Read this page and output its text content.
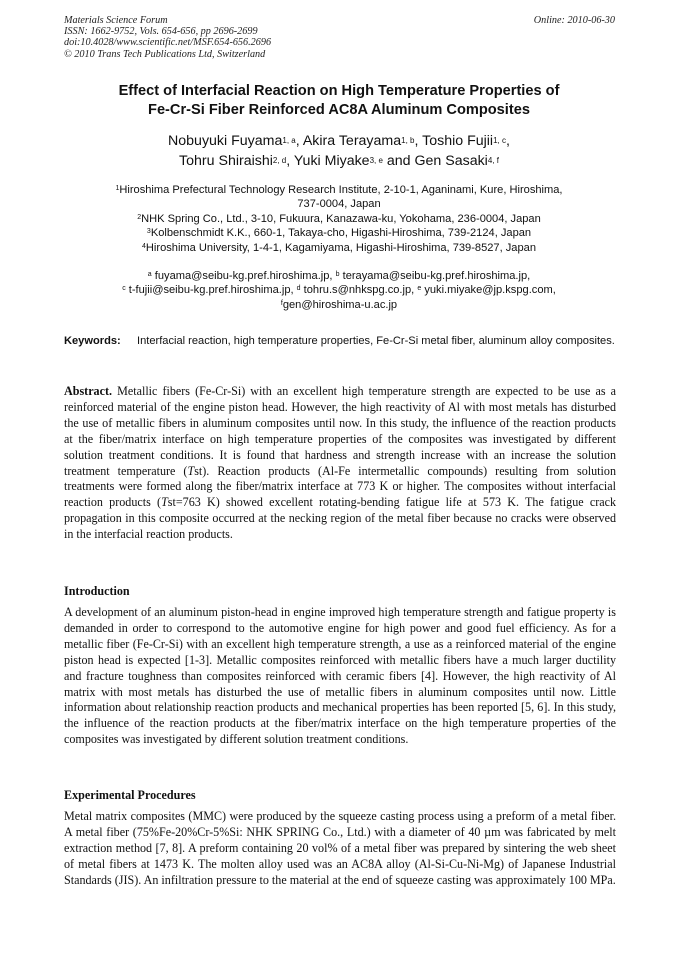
Materials Science Forum
ISSN: 1662-9752, Vols. 654-656, pp 2696-2699
doi:10.4028/www.scientific.net/MSF.654-656.2696
© 2010 Trans Tech Publications Ltd, Switzerland
Online: 2010-06-30
Effect of Interfacial Reaction on High Temperature Properties of
Fe-Cr-Si Fiber Reinforced AC8A Aluminum Composites
Nobuyuki Fuyama$^{1, a}$, Akira Terayama$^{1, b}$, Toshio Fujii$^{1, c}$,
Tohru Shiraishi$^{2, d}$, Yuki Miyake$^{3, e}$ and Gen Sasaki$^{4, f}$
$^1$Hiroshima Prefectural Technology Research Institute, 2-10-1, Aganinami, Kure, Hiroshima,
737-0004, Japan
$^2$NHK Spring Co., Ltd., 3-10, Fukuura, Kanazawa-ku, Yokohama, 236-0004, Japan
$^3$Kolbenschmidt K.K., 660-1, Takaya-cho, Higashi-Hiroshima, 739-2124, Japan
$^4$Hiroshima University, 1-4-1, Kagamiyama, Higashi-Hiroshima, 739-8527, Japan
$^a$ fuyama@seibu-kg.pref.hiroshima.jp, $^b$ terayama@seibu-kg.pref.hiroshima.jp,
$^c$ t-fujii@seibu-kg.pref.hiroshima.jp, $^d$ tohru.s@nhkspg.co.jp, $^e$ yuki.miyake@jp.kspg.com,
$^f$gen@hiroshima-u.ac.jp
Keywords: Interfacial reaction, high temperature properties, Fe-Cr-Si metal fiber, aluminum alloy composites.
Abstract. Metallic fibers (Fe-Cr-Si) with an excellent high temperature strength are expected to be use as a reinforced material of the engine piston head. However, the high reactivity of Al with most metals has disturbed the use of metallic fibers in aluminum composites until now. In this study, the influence of the reaction products at the fiber/matrix interface on high temperature properties of the composites was investigated by different solution treatment conditions. It is found that hardness and strength increase with an increase the solution treatment temperature (Tst). Reaction products (Al-Fe intermetallic compounds) resulting from solution treatments were formed along the fiber/matrix interface at 773 K or higher. The composites without interfacial reaction products (Tst=763 K) showed excellent rotating-bending fatigue life at 573 K. The fatigue crack propagation in this composite occurred at the necking region of the metal fiber because no cracks were observed in the interfacial reaction products.
Introduction
A development of an aluminum piston-head in engine improved high temperature strength and fatigue property is demanded in order to correspond to the automotive engine for high power and good fuel efficiency. As for a metallic fiber (Fe-Cr-Si) with an excellent high temperature strength, a use as a reinforced material of the engine piston head is expected [1-3]. Metallic composites reinforced with metallic fibers have a much larger ductility and fracture toughness than composites reinforced with ceramic fibers [4]. However, the high reactivity of Al matrix with most metals has disturbed the use of metallic fibers in aluminum composites until now. Little information about relationship reaction products and mechanical properties has been reported [5, 6]. In this study, the influence of the reaction products at the fiber/matrix interface on the high temperature properties of the composites was investigated by different solution treatment conditions.
Experimental Procedures
Metal matrix composites (MMC) were produced by the squeeze casting process using a preform of a metal fiber. A metal fiber (75%Fe-20%Cr-5%Si: NHK SPRING Co., Ltd.) with a diameter of 40 µm was fabricated by melt extraction method [7, 8]. A preform containing 20 vol% of a metal fiber was prepared by sintering the web sheet of metal fibers at 1473 K. The molten alloy used was an AC8A alloy (Al-Si-Cu-Ni-Mg) of Japanese Industrial Standards (JIS). An infiltration pressure to the material at the end of squeeze casting was approximately 100 MPa.
